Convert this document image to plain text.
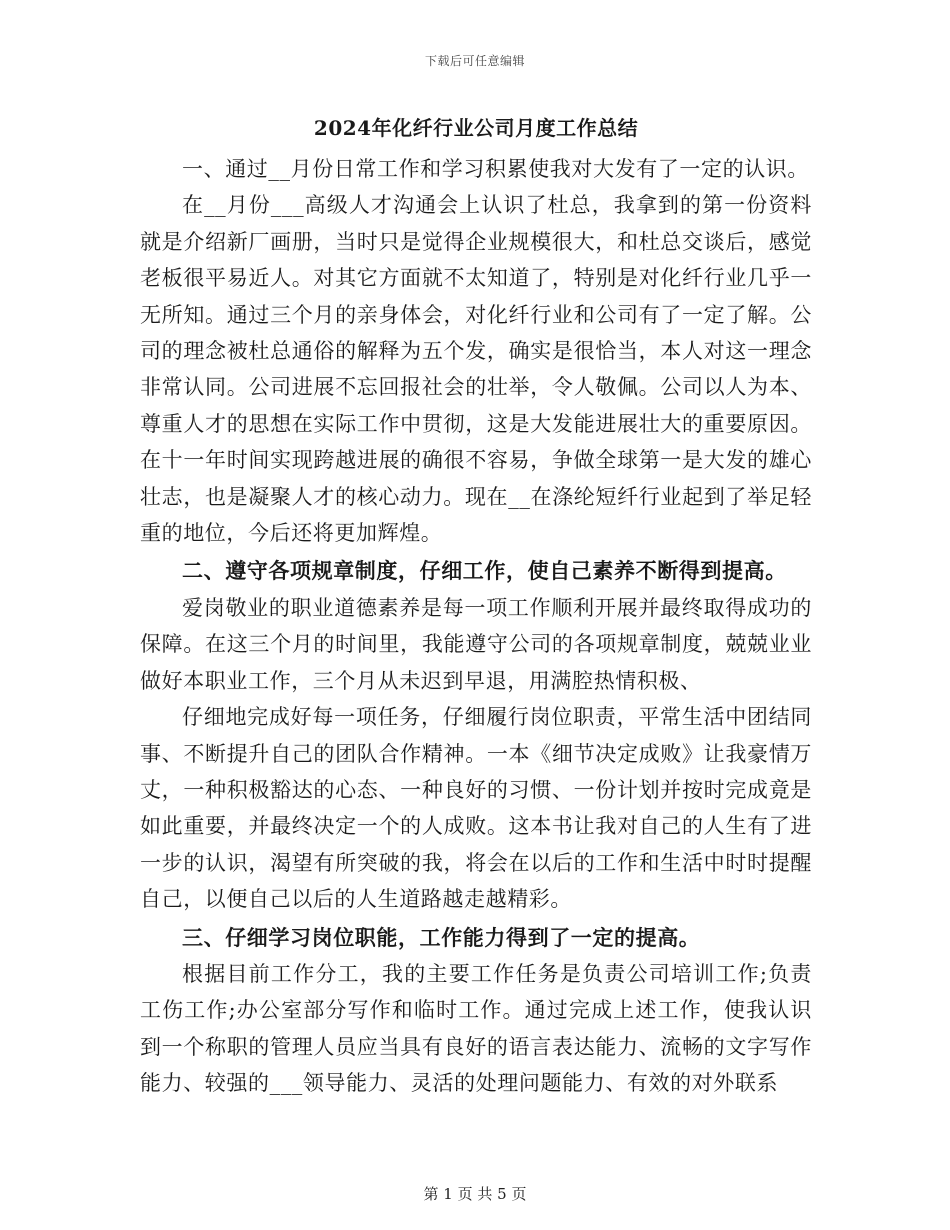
下载后可任意编辑
2024年化纤行业公司月度工作总结

一、通过__月份日常工作和学习积累使我对大发有了一定的认识。

在__月份___高级人才沟通会上认识了杜总，我拿到的第一份资料就是介绍新厂画册，当时只是觉得企业规模很大，和杜总交谈后，感觉老板很平易近人。对其它方面就不太知道了，特别是对化纤行业几乎一无所知。通过三个月的亲身体会，对化纤行业和公司有了一定了解。公司的理念被杜总通俗的解释为五个发，确实是很恰当，本人对这一理念非常认同。公司进展不忘回报社会的壮举，令人敬佩。公司以人为本、尊重人才的思想在实际工作中贯彻，这是大发能进展壮大的重要原因。在十一年时间实现跨越进展的确很不容易，争做全球第一是大发的雄心壮志，也是凝聚人才的核心动力。现在__在涤纶短纤行业起到了举足轻重的地位，今后还将更加辉煌。

二、遵守各项规章制度，仔细工作，使自己素养不断得到提高。

爱岗敬业的职业道德素养是每一项工作顺利开展并最终取得成功的保障。在这三个月的时间里，我能遵守公司的各项规章制度，兢兢业业做好本职业工作，三个月从未迟到早退，用满腔热情积极、

仔细地完成好每一项任务，仔细履行岗位职责，平常生活中团结同事、不断提升自己的团队合作精神。一本《细节决定成败》让我豪情万丈，一种积极豁达的心态、一种良好的习惯、一份计划并按时完成竟是如此重要，并最终决定一个的人成败。这本书让我对自己的人生有了进一步的认识，渴望有所突破的我，将会在以后的工作和生活中时时提醒自己，以便自己以后的人生道路越走越精彩。

三、仔细学习岗位职能，工作能力得到了一定的提高。

根据目前工作分工，我的主要工作任务是负责公司培训工作;负责工伤工作;办公室部分写作和临时工作。通过完成上述工作，使我认识到一个称职的管理人员应当具有良好的语言表达能力、流畅的文字写作能力、较强的___领导能力、灵活的处理问题能力、有效的对外联系

第 1 页 共 5 页
